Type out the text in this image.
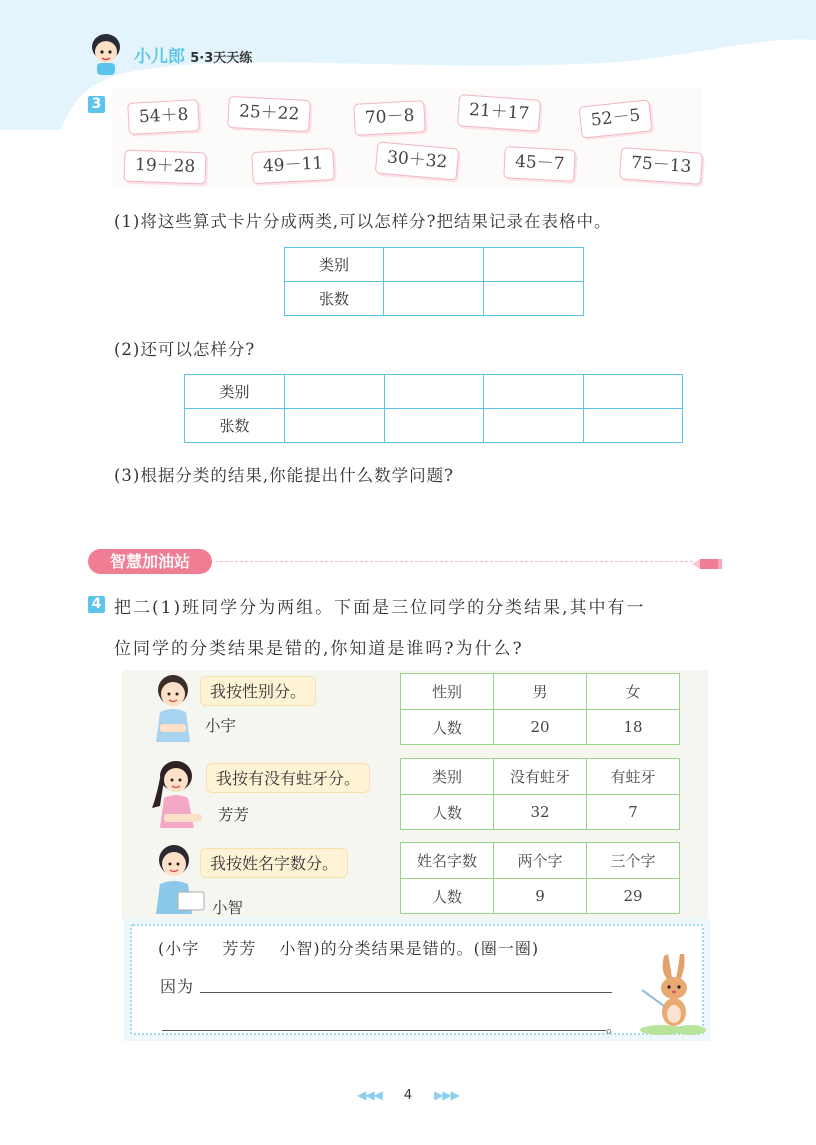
小儿郎 5·3天天练
3
54＋8	25＋22	70－8	21＋17	52－5
19＋28	49－11	30＋32	45－7	75－13
(1)将这些算式卡片分成两类,可以怎样分?把结果记录在表格中。
类别		
张数		
(2)还可以怎样分?
类别				
张数				
(3)根据分类的结果,你能提出什么数学问题?
智慧加油站
4 把二(1)班同学分为两组。下面是三位同学的分类结果,其中有一
位同学的分类结果是错的,你知道是谁吗?为什么?
我按性别分。
小宇
性别	男	女
人数	20	18
我按有没有蛀牙分。
芳芳
类别	没有蛀牙	有蛀牙
人数	32	7
我按姓名字数分。
小智
姓名字数	两个字	三个字
人数	9	29
(小字　 芳芳　 小智)的分类结果是错的。(圈一圈)
因为
。
◀◀◀ 4 ▶▶▶
